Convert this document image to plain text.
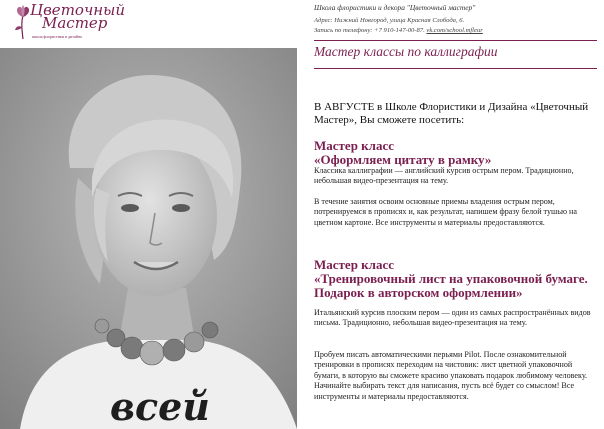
Цветочный
Мастер
школа флористики и дизайна
всей
Школа флористики и декора "Цветочный мастер"
Адрес: Нижний Новгород, улица Красная Слобода, 6.
Запись по телефону: +7 910-147-00-87. vk.com/school.mfleur
Мастер классы по каллиграфии
В АВГУСТЕ в Школе Флористики и Дизайна «Цветочный Мастер», Вы сможете посетить:
Мастер класс
«Оформляем цитату в рамку»
Классика каллиграфии — английский курсив острым пером. Традиционно, небольшая видео-презентация на тему.
В течение занятия освоим основные приемы владения острым пером, потренируемся в прописях и, как результат, напишем фразу белой тушью на цветном картоне. Все инструменты и материалы предоставляются.
Мастер класс
«Тренировочный лист на упаковочной бумаге. Подарок в авторском оформлении»
Итальянский курсив плоским пером — один из самых распространённых видов письма. Традиционно, небольшая видео-презентация на тему.
Пробуем писать автоматическими перьями Pilot. После ознакомительной тренировки в прописях переходим на чистовик: лист цветной упаковочной бумаги, в которую вы сможете красиво упаковать подарок любимому человеку. Начинайте выбирать текст для написания, пусть всё будет со смыслом! Все инструменты и материалы предоставляются.
